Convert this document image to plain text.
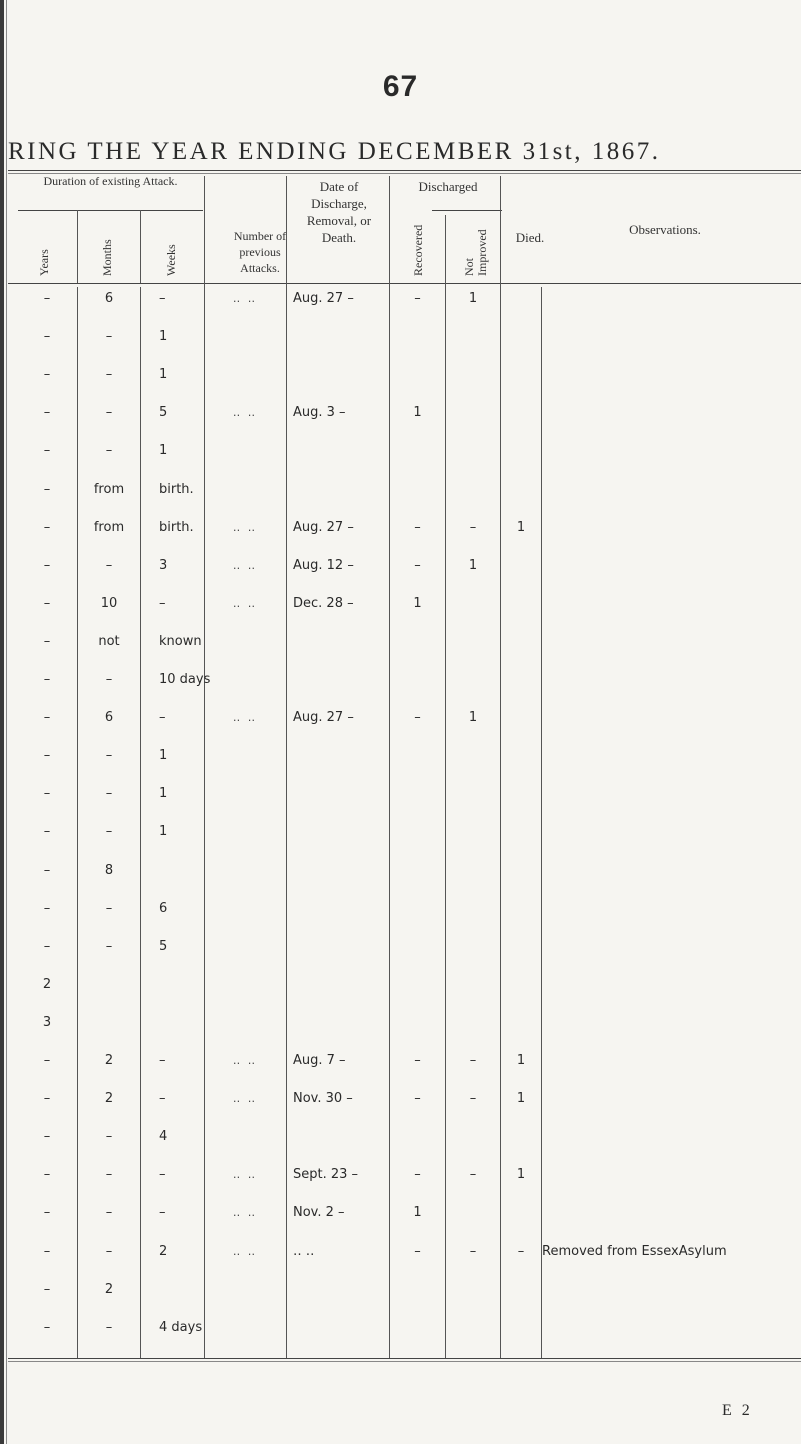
67
RING THE YEAR ENDING DECEMBER 31st, 1867.
Duration of existing Attack.
Number of previous Attacks.
Date of Discharge, Removal, or Death.
Discharged
Died.
Observations.
Years	Months	Weeks	Recovered	Not Improved
–	6	–	‥ ‥	Aug. 27 –	–	1
–	–	1
–	–	1
–	–	5	‥ ‥	Aug. 3 –	1
–	–	1
–	from	birth.
–	from	birth.	‥ ‥	Aug. 27 –	–	–	1
–	–	3	‥ ‥	Aug. 12 –	–	1
–	10	–	‥ ‥	Dec. 28 –	1
–	not	known
–	–	10 days
–	6	–	‥ ‥	Aug. 27 –	–	1
–	–	1
–	–	1
–	–	1
–	8
–	–	6
–	–	5
2
3
–	2	–	‥ ‥	Aug. 7 –	–	–	1
–	2	–	‥ ‥	Nov. 30 –	–	–	1
–	–	4
–	–	–	‥ ‥	Sept. 23 –	–	–	1
–	–	–	‥ ‥	Nov. 2 –	1
–	–	2	‥ ‥	‥ ‥	–	–	–	Removed from EssexAsylum
–	2
–	–	4 days
E 2
